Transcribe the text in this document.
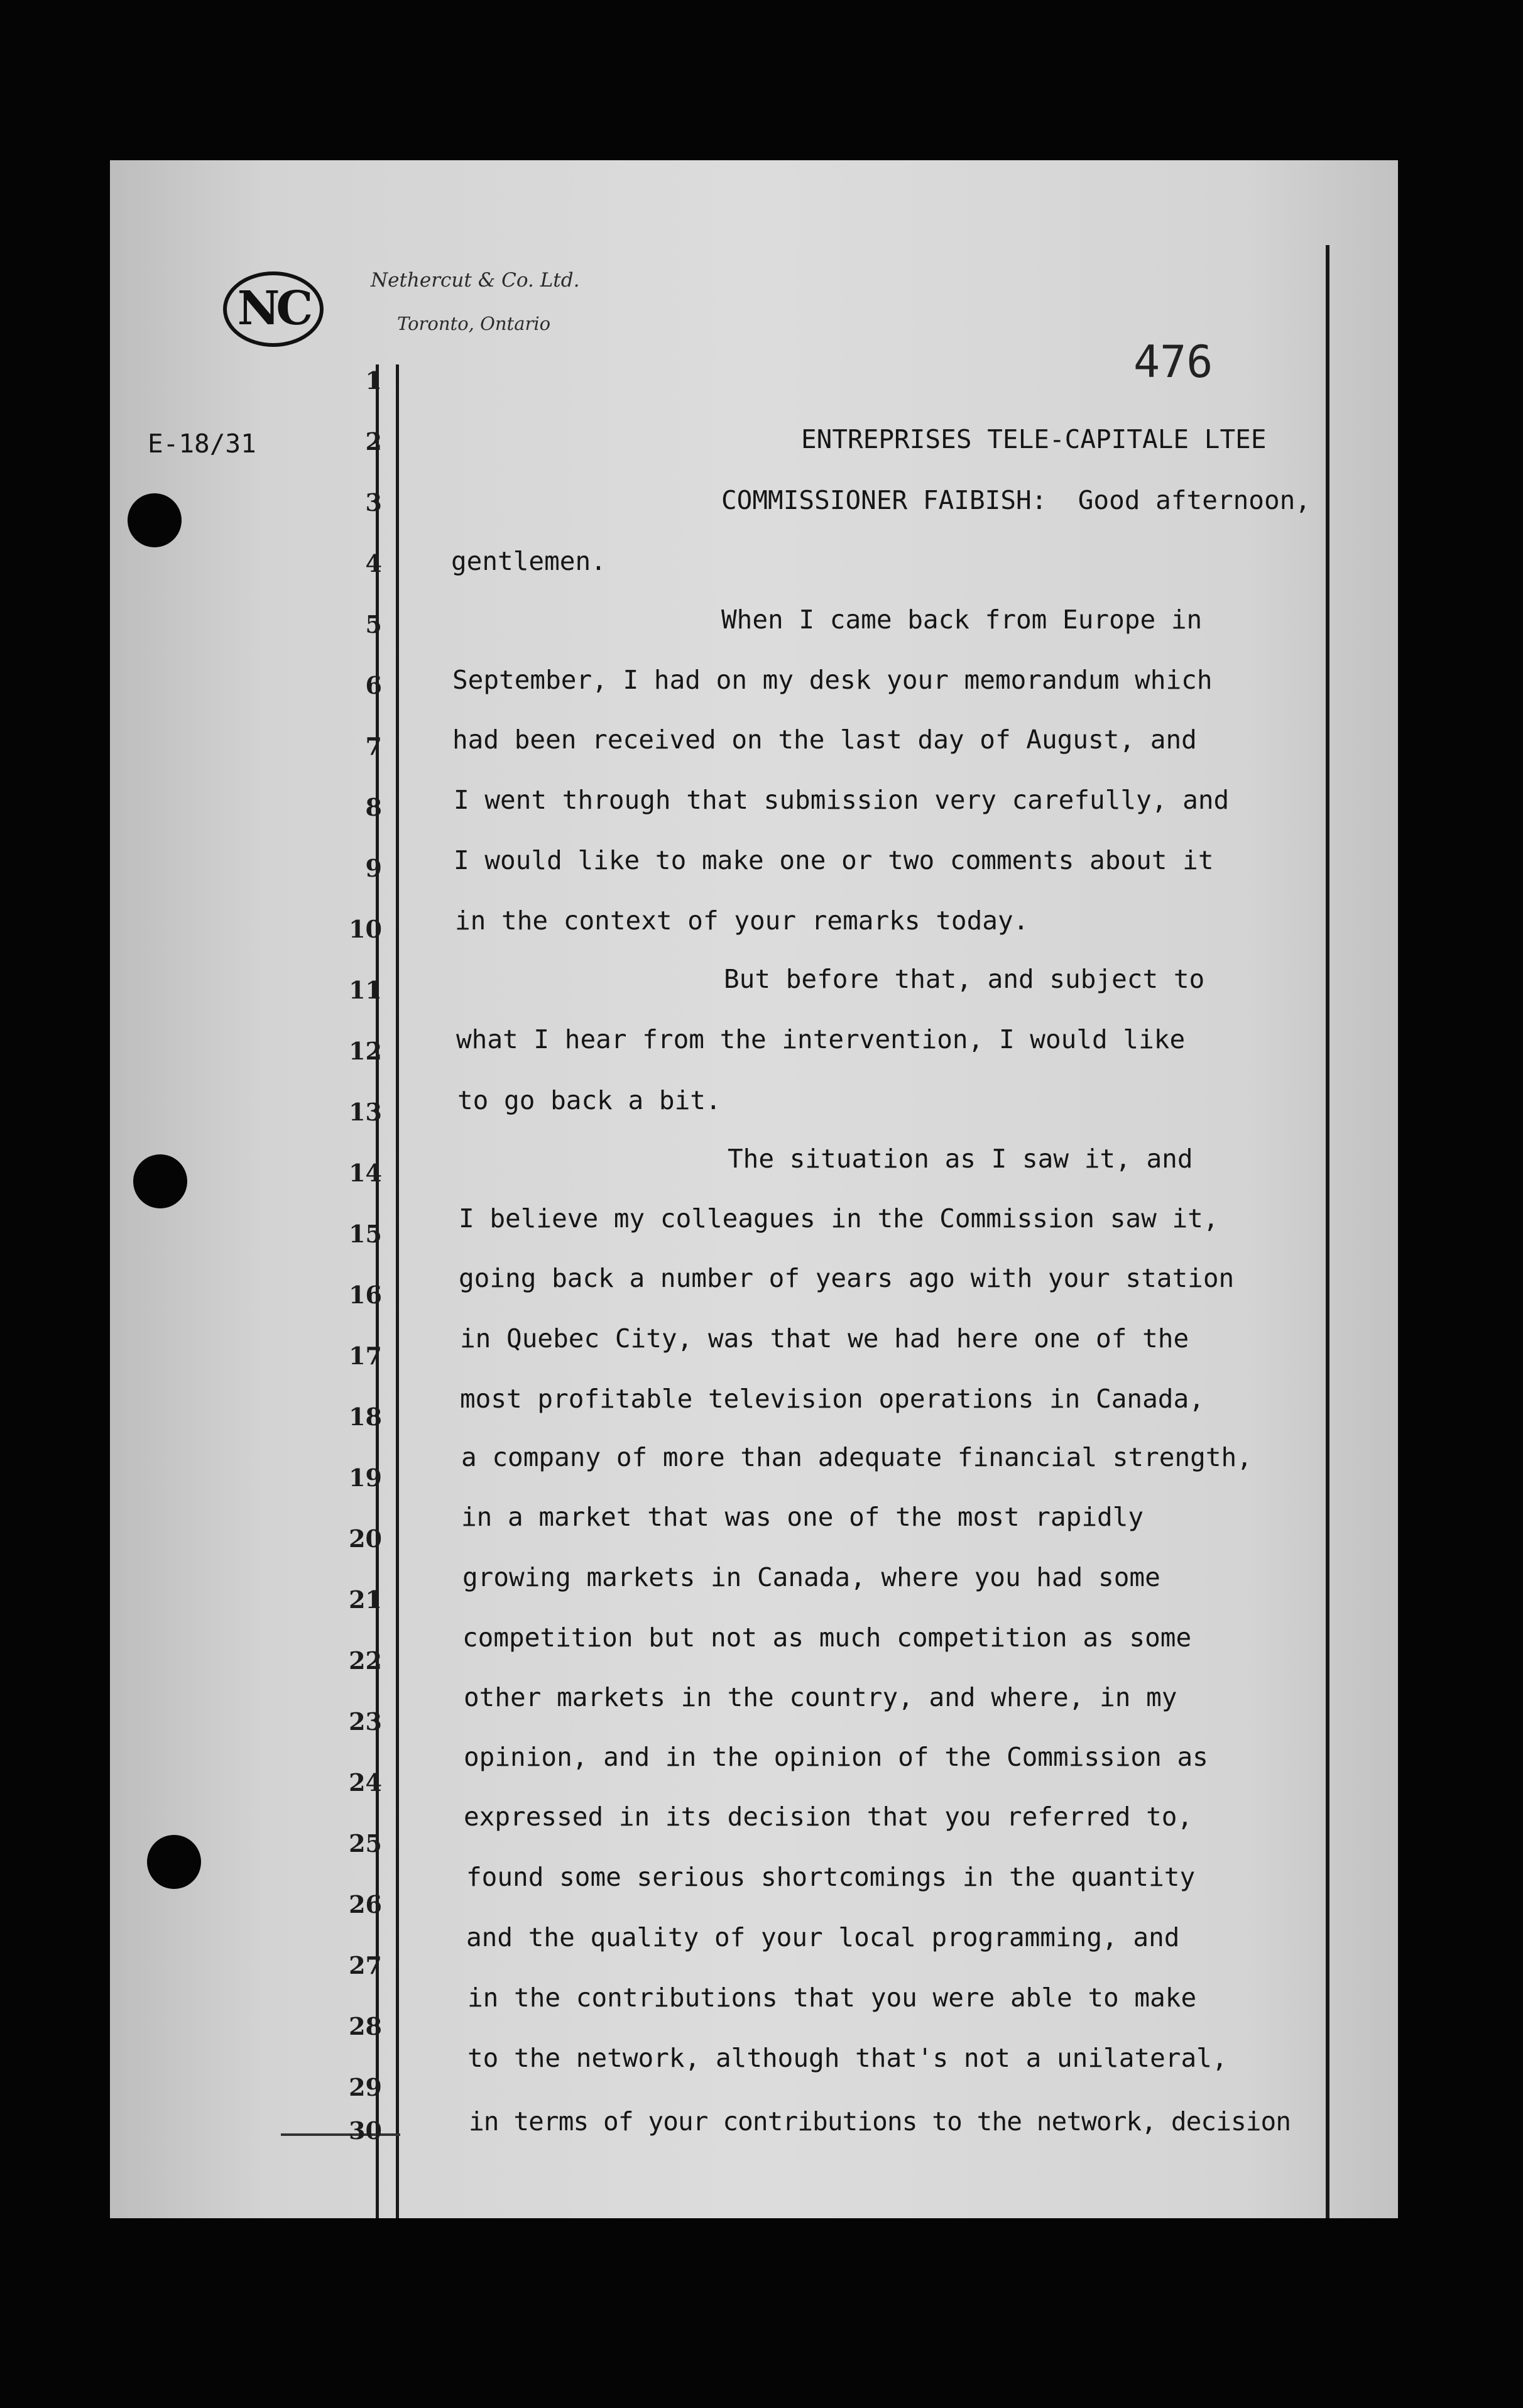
NC
Nethercut & Co. Ltd.
Toronto, Ontario
476
E-18/31
1
2
3
4
5
6
7
8
9
10
11
12
13
14
15
16
17
18
19
20
21
22
23
24
25
26
27
28
29
30
ENTREPRISES TELE-CAPITALE LTEE
COMMISSIONER FAIBISH:  Good afternoon,
gentlemen.
When I came back from Europe in
September, I had on my desk your memorandum which
had been received on the last day of August, and
I went through that submission very carefully, and
I would like to make one or two comments about it
in the context of your remarks today.
But before that, and subject to
what I hear from the intervention, I would like
to go back a bit.
The situation as I saw it, and
I believe my colleagues in the Commission saw it,
going back a number of years ago with your station
in Quebec City, was that we had here one of the
most profitable television operations in Canada,
a company of more than adequate financial strength,
in a market that was one of the most rapidly
growing markets in Canada, where you had some
competition but not as much competition as some
other markets in the country, and where, in my
opinion, and in the opinion of the Commission as
expressed in its decision that you referred to,
found some serious shortcomings in the quantity
and the quality of your local programming, and
in the contributions that you were able to make
to the network, although that's not a unilateral,
in terms of your contributions to the network, decision
